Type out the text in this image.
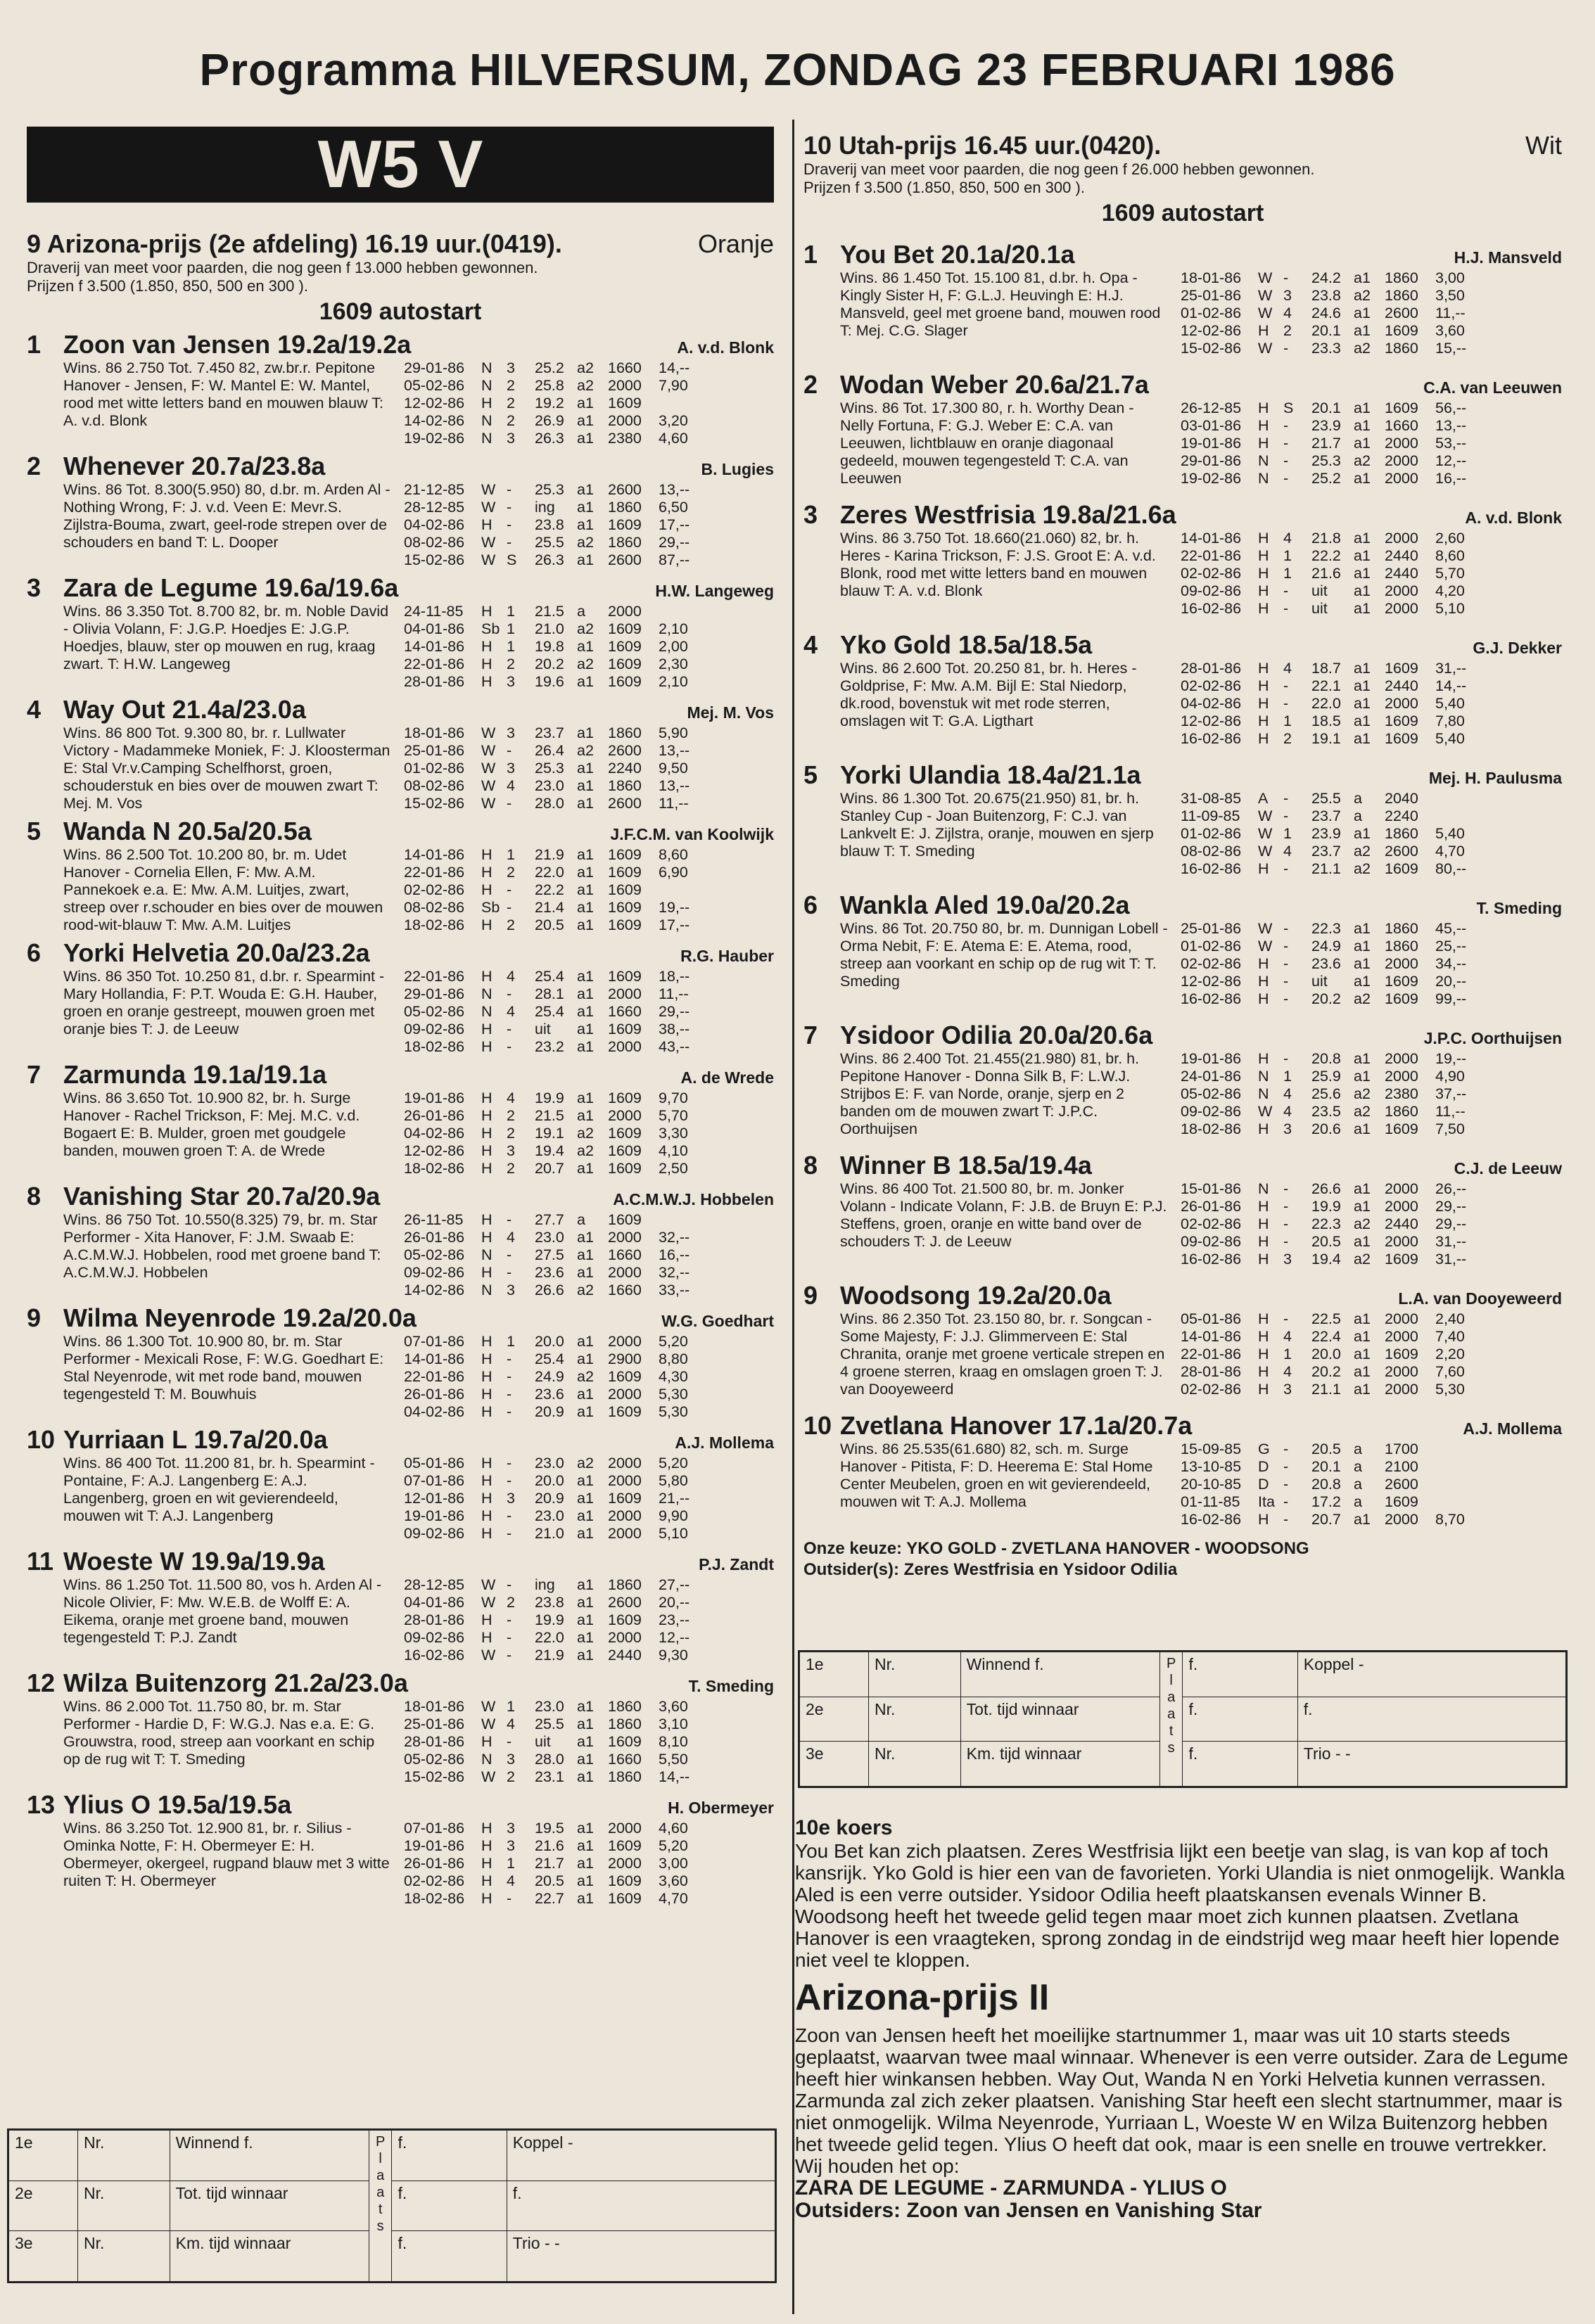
Programma HILVERSUM, ZONDAG 23 FEBRUARI 1986
W5 V
9 Arizona-prijs (2e afdeling) 16.19 uur.(0419).	Oranje
Draverij van meet voor paarden, die nog geen f 13.000 hebben gewonnen.
Prijzen f 3.500 (1.850, 850, 500 en 300 ).
1609 autostart
1 Zoon van Jensen 19.2a/19.2a	A. v.d. Blonk
Wins. 86 2.750 Tot. 7.450 82, zw.br.r. Pepitone Hanover - Jensen, F: W. Mantel E: W. Mantel, rood met witte letters band en mouwen blauw T: A. v.d. Blonk
29-01-86	N 3	25.2 a2 1660	14,--
05-02-86	N 2	25.8 a2 2000	7,90
12-02-86	H 2	19.2 a1 1609
14-02-86	N 2	26.9 a1 2000	3,20
19-02-86	N 3	26.3 a1 2380	4,60
2 Whenever 20.7a/23.8a	B. Lugies
Wins. 86 Tot. 8.300(5.950) 80, d.br. m. Arden Al - Nothing Wrong, F: J. v.d. Veen E: Mevr.S. Zijlstra-Bouma, zwart, geel-rode strepen over de schouders en band T: L. Dooper
21-12-85	W -	25.3 a1 2600	13,--
28-12-85	W -	ing	a1 1860	6,50
04-02-86	H -	23.8 a1 1609	17,--
08-02-86	W -	25.5 a2 1860	29,--
15-02-86	W S	26.3 a1 2600	87,--
3 Zara de Legume 19.6a/19.6a	H.W. Langeweg
Wins. 86 3.350 Tot. 8.700 82, br. m. Noble David - Olivia Volann, F: J.G.P. Hoedjes E: J.G.P. Hoedjes, blauw, ster op mouwen en rug, kraag zwart. T: H.W. Langeweg
24-11-85	H 1	21.5 a	2000
04-01-86	Sb 1	21.0 a2 1609	2,10
14-01-86	H 1	19.8 a1 1609	2,00
22-01-86	H 2	20.2 a2 1609	2,30
28-01-86	H 3	19.6 a1 1609	2,10
4 Way Out 21.4a/23.0a	Mej. M. Vos
Wins. 86 800 Tot. 9.300 80, br. r. Lullwater Victory - Madammeke Moniek, F: J. Kloosterman E: Stal Vr.v.Camping Schelfhorst, groen, schouderstuk en bies over de mouwen zwart T: Mej. M. Vos
18-01-86	W 3	23.7 a1 1860	5,90
25-01-86	W -	26.4 a2 2600	13,--
01-02-86	W 3	25.3 a1 2240	9,50
08-02-86	W 4	23.0 a1 1860	13,--
15-02-86	W -	28.0 a1 2600	11,--
5 Wanda N 20.5a/20.5a	J.F.C.M. van Koolwijk
Wins. 86 2.500 Tot. 10.200 80, br. m. Udet Hanover - Cornelia Ellen, F: Mw. A.M. Pannekoek e.a. E: Mw. A.M. Luitjes, zwart, streep over r.schouder en bies over de mouwen rood-wit-blauw T: Mw. A.M. Luitjes
14-01-86	H 1	21.9 a1 1609	8,60
22-01-86	H 2	22.0 a1 1609	6,90
02-02-86	H -	22.2 a1 1609
08-02-86	Sb -	21.4 a1 1609	19,--
18-02-86	H 2	20.5 a1 1609	17,--
6 Yorki Helvetia 20.0a/23.2a	R.G. Hauber
Wins. 86 350 Tot. 10.250 81, d.br. r. Spearmint - Mary Hollandia, F: P.T. Wouda E: G.H. Hauber, groen en oranje gestreept, mouwen groen met oranje bies T: J. de Leeuw
22-01-86	H 4	25.4 a1 1609	18,--
29-01-86	N -	28.1 a1 2000	11,--
05-02-86	N 4	25.4 a1 1660	29,--
09-02-86	H -	uit	a1 1609	38,--
18-02-86	H -	23.2 a1 2000	43,--
7 Zarmunda 19.1a/19.1a	A. de Wrede
Wins. 86 3.650 Tot. 10.900 82, br. h. Surge Hanover - Rachel Trickson, F: Mej. M.C. v.d. Bogaert E: B. Mulder, groen met goudgele banden, mouwen groen T: A. de Wrede
19-01-86	H 4	19.9 a1 1609	9,70
26-01-86	H 2	21.5 a1 2000	5,70
04-02-86	H 2	19.1 a2 1609	3,30
12-02-86	H 3	19.4 a2 1609	4,10
18-02-86	H 2	20.7 a1 1609	2,50
8 Vanishing Star 20.7a/20.9a	A.C.M.W.J. Hobbelen
Wins. 86 750 Tot. 10.550(8.325) 79, br. m. Star Performer - Xita Hanover, F: J.M. Swaab E: A.C.M.W.J. Hobbelen, rood met groene band T: A.C.M.W.J. Hobbelen
26-11-85	H -	27.7 a	1609
26-01-86	H 4	23.0 a1 2000	32,--
05-02-86	N -	27.5 a1 1660	16,--
09-02-86	H -	23.6 a1 2000	32,--
14-02-86	N 3	26.6 a2 1660	33,--
9 Wilma Neyenrode 19.2a/20.0a	W.G. Goedhart
Wins. 86 1.300 Tot. 10.900 80, br. m. Star Performer - Mexicali Rose, F: W.G. Goedhart E: Stal Neyenrode, wit met rode band, mouwen tegengesteld T: M. Bouwhuis
07-01-86	H 1	20.0 a1 2000	5,20
14-01-86	H -	25.4 a1 2900	8,80
22-01-86	H -	24.9 a2 1609	4,30
26-01-86	H -	23.6 a1 2000	5,30
04-02-86	H -	20.9 a1 1609	5,30
10 Yurriaan L 19.7a/20.0a	A.J. Mollema
Wins. 86 400 Tot. 11.200 81, br. h. Spearmint - Pontaine, F: A.J. Langenberg E: A.J. Langenberg, groen en wit gevierendeeld, mouwen wit T: A.J. Langenberg
05-01-86	H -	23.0 a2 2000	5,20
07-01-86	H -	20.0 a1 2000	5,80
12-01-86	H 3	20.9 a1 1609	21,--
19-01-86	H -	23.0 a1 2000	9,90
09-02-86	H -	21.0 a1 2000	5,10
11 Woeste W 19.9a/19.9a	P.J. Zandt
Wins. 86 1.250 Tot. 11.500 80, vos h. Arden Al - Nicole Olivier, F: Mw. W.E.B. de Wolff E: A. Eikema, oranje met groene band, mouwen tegengesteld T: P.J. Zandt
28-12-85	W -	ing	a1 1860	27,--
04-01-86	W 2	23.8 a1 2600	20,--
28-01-86	H -	19.9 a1 1609	23,--
09-02-86	H -	22.0 a1 2000	12,--
16-02-86	W -	21.9 a1 2440	9,30
12 Wilza Buitenzorg 21.2a/23.0a	T. Smeding
Wins. 86 2.000 Tot. 11.750 80, br. m. Star Performer - Hardie D, F: W.G.J. Nas e.a. E: G. Grouwstra, rood, streep aan voorkant en schip op de rug wit T: T. Smeding
18-01-86	W 1	23.0 a1 1860	3,60
25-01-86	W 4	25.5 a1 1860	3,10
28-01-86	H -	uit	a1 1609	8,10
05-02-86	N 3	28.0 a1 1660	5,50
15-02-86	W 2	23.1 a1 1860	14,--
13 Ylius O 19.5a/19.5a	H. Obermeyer
Wins. 86 3.250 Tot. 12.900 81, br. r. Silius - Ominka Notte, F: H. Obermeyer E: H. Obermeyer, okergeel, rugpand blauw met 3 witte ruiten T: H. Obermeyer
07-01-86	H 3	19.5 a1 2000	4,60
19-01-86	H 3	21.6 a1 1609	5,20
26-01-86	H 1	21.7 a1 2000	3,00
02-02-86	H 4	20.5 a1 1609	3,60
18-02-86	H -	22.7 a1 1609	4,70
10 Utah-prijs 16.45 uur.(0420).	Wit
Draverij van meet voor paarden, die nog geen f 26.000 hebben gewonnen.
Prijzen f 3.500 (1.850, 850, 500 en 300 ).
1609 autostart
1 You Bet 20.1a/20.1a	H.J. Mansveld
Wins. 86 1.450 Tot. 15.100 81, d.br. h. Opa - Kingly Sister H, F: G.L.J. Heuvingh E: H.J. Mansveld, geel met groene band, mouwen rood T: Mej. C.G. Slager
18-01-86	W -	24.2 a1 1860	3,00
25-01-86	W 3	23.8 a2 1860	3,50
01-02-86	W 4	24.6 a1 2600	11,--
12-02-86	H 2	20.1 a1 1609	3,60
15-02-86	W -	23.3 a2 1860	15,--
2 Wodan Weber 20.6a/21.7a	C.A. van Leeuwen
Wins. 86 Tot. 17.300 80, r. h. Worthy Dean - Nelly Fortuna, F: G.J. Weber E: C.A. van Leeuwen, lichtblauw en oranje diagonaal gedeeld, mouwen tegengesteld T: C.A. van Leeuwen
26-12-85	H S	20.1 a1 1609	56,--
03-01-86	H -	23.9 a1 1660	13,--
19-01-86	H -	21.7 a1 2000	53,--
29-01-86	N -	25.3 a2 2000	12,--
19-02-86	N -	25.2 a1 2000	16,--
3 Zeres Westfrisia 19.8a/21.6a	A. v.d. Blonk
Wins. 86 3.750 Tot. 18.660(21.060) 82, br. h. Heres - Karina Trickson, F: J.S. Groot E: A. v.d. Blonk, rood met witte letters band en mouwen blauw T: A. v.d. Blonk
14-01-86	H 4	21.8 a1 2000	2,60
22-01-86	H 1	22.2 a1 2440	8,60
02-02-86	H 1	21.6 a1 2440	5,70
09-02-86	H -	uit	a1 2000	4,20
16-02-86	H -	uit	a1 2000	5,10
4 Yko Gold 18.5a/18.5a	G.J. Dekker
Wins. 86 2.600 Tot. 20.250 81, br. h. Heres - Goldprise, F: Mw. A.M. Bijl E: Stal Niedorp, dk.rood, bovenstuk wit met rode sterren, omslagen wit T: G.A. Ligthart
28-01-86	H 4	18.7 a1 1609	31,--
02-02-86	H -	22.1 a1 2440	14,--
04-02-86	H -	22.0 a1 2000	5,40
12-02-86	H 1	18.5 a1 1609	7,80
16-02-86	H 2	19.1 a1 1609	5,40
5 Yorki Ulandia 18.4a/21.1a	Mej. H. Paulusma
Wins. 86 1.300 Tot. 20.675(21.950) 81, br. h. Stanley Cup - Joan Buitenzorg, F: C.J. van Lankvelt E: J. Zijlstra, oranje, mouwen en sjerp blauw T: T. Smeding
31-08-85	A	-	25.5 a	2040
11-09-85	W -	23.7 a	2240
01-02-86	W 1	23.9 a1 1860	5,40
08-02-86	W 4	23.7 a2 2600	4,70
16-02-86	H -	21.1 a2 1609	80,--
6 Wankla Aled 19.0a/20.2a	T. Smeding
Wins. 86 Tot. 20.750 80, br. m. Dunnigan Lobell - Orma Nebit, F: E. Atema E: E. Atema, rood, streep aan voorkant en schip op de rug wit T: T. Smeding
25-01-86	W -	22.3 a1 1860	45,--
01-02-86	W -	24.9 a1 1860	25,--
02-02-86	H -	23.6 a1 2000	34,--
12-02-86	H -	uit	a1 1609	20,--
16-02-86	H -	20.2 a2 1609	99,--
7 Ysidoor Odilia 20.0a/20.6a	J.P.C. Oorthuijsen
Wins. 86 2.400 Tot. 21.455(21.980) 81, br. h. Pepitone Hanover - Donna Silk B, F: L.W.J. Strijbos E: F. van Norde, oranje, sjerp en 2 banden om de mouwen zwart T: J.P.C. Oorthuijsen
19-01-86	H -	20.8 a1 2000	19,--
24-01-86	N 1	25.9 a1 2000	4,90
05-02-86	N 4	25.6 a2 2380	37,--
09-02-86	W 4	23.5 a2 1860	11,--
18-02-86	H 3	20.6 a1 1609	7,50
8 Winner B 18.5a/19.4a	C.J. de Leeuw
Wins. 86 400 Tot. 21.500 80, br. m. Jonker Volann - Indicate Volann, F: J.B. de Bruyn E: P.J. Steffens, groen, oranje en witte band over de schouders T: J. de Leeuw
15-01-86	N -	26.6 a1 2000	26,--
26-01-86	H -	19.9 a1 2000	29,--
02-02-86	H -	22.3 a2 2440	29,--
09-02-86	H -	20.5 a1 2000	31,--
16-02-86	H 3	19.4 a2 1609	31,--
9 Woodsong 19.2a/20.0a	L.A. van Dooyeweerd
Wins. 86 2.350 Tot. 23.150 80, br. r. Songcan - Some Majesty, F: J.J. Glimmerveen E: Stal Chranita, oranje met groene verticale strepen en 4 groene sterren, kraag en omslagen groen T: J. van Dooyeweerd
05-01-86	H -	22.5 a1 2000	2,40
14-01-86	H 4	22.4 a1 2000	7,40
22-01-86	H 1	20.0 a1 1609	2,20
28-01-86	H 4	20.2 a1 2000	7,60
02-02-86	H 3	21.1 a1 2000	5,30
10 Zvetlana Hanover 17.1a/20.7a	A.J. Mollema
Wins. 86 25.535(61.680) 82, sch. m. Surge Hanover - Pitista, F: D. Heerema E: Stal Home Center Meubelen, groen en wit gevierendeeld, mouwen wit T: A.J. Mollema
15-09-85	G -	20.5 a	1700
13-10-85	D -	20.1 a	2100
20-10-85	D -	20.8 a	2600
01-11-85	Ita -	17.2 a	1609
16-02-86	H -	20.7 a1 2000	8,70
Onze keuze: YKO GOLD - ZVETLANA HANOVER - WOODSONG
Outsider(s): Zeres Westfrisia en Ysidoor Odilia
1e	Nr.	Winnend f.	P l a a t s	f.	Koppel -
2e	Nr.	Tot. tijd winnaar		f.	f.
3e	Nr.	Km. tijd winnaar		f.	Trio - -
1e	Nr.	Winnend f.	P l a a t s	f.	Koppel -
2e	Nr.	Tot. tijd winnaar		f.	f.
3e	Nr.	Km. tijd winnaar		f.	Trio - -
10e koers
You Bet kan zich plaatsen. Zeres Westfrisia lijkt een beetje van slag, is van kop af toch kansrijk. Yko Gold is hier een van de favorieten. Yorki Ulandia is niet onmogelijk. Wankla Aled is een verre outsider. Ysidoor Odilia heeft plaatskansen evenals Winner B. Woodsong heeft het tweede gelid tegen maar moet zich kunnen plaatsen. Zvetlana Hanover is een vraagteken, sprong zondag in de eindstrijd weg maar heeft hier lopende niet veel te kloppen.
Arizona-prijs II
Zoon van Jensen heeft het moeilijke startnummer 1, maar was uit 10 starts steeds geplaatst, waarvan twee maal winnaar. Whenever is een verre outsider. Zara de Legume heeft hier winkansen hebben. Way Out, Wanda N en Yorki Helvetia kunnen verrassen. Zarmunda zal zich zeker plaatsen. Vanishing Star heeft een slecht startnummer, maar is niet onmogelijk. Wilma Neyenrode, Yurriaan L, Woeste W en Wilza Buitenzorg hebben het tweede gelid tegen. Ylius O heeft dat ook, maar is een snelle en trouwe vertrekker. Wij houden het op:
ZARA DE LEGUME - ZARMUNDA - YLIUS O
Outsiders: Zoon van Jensen en Vanishing Star
